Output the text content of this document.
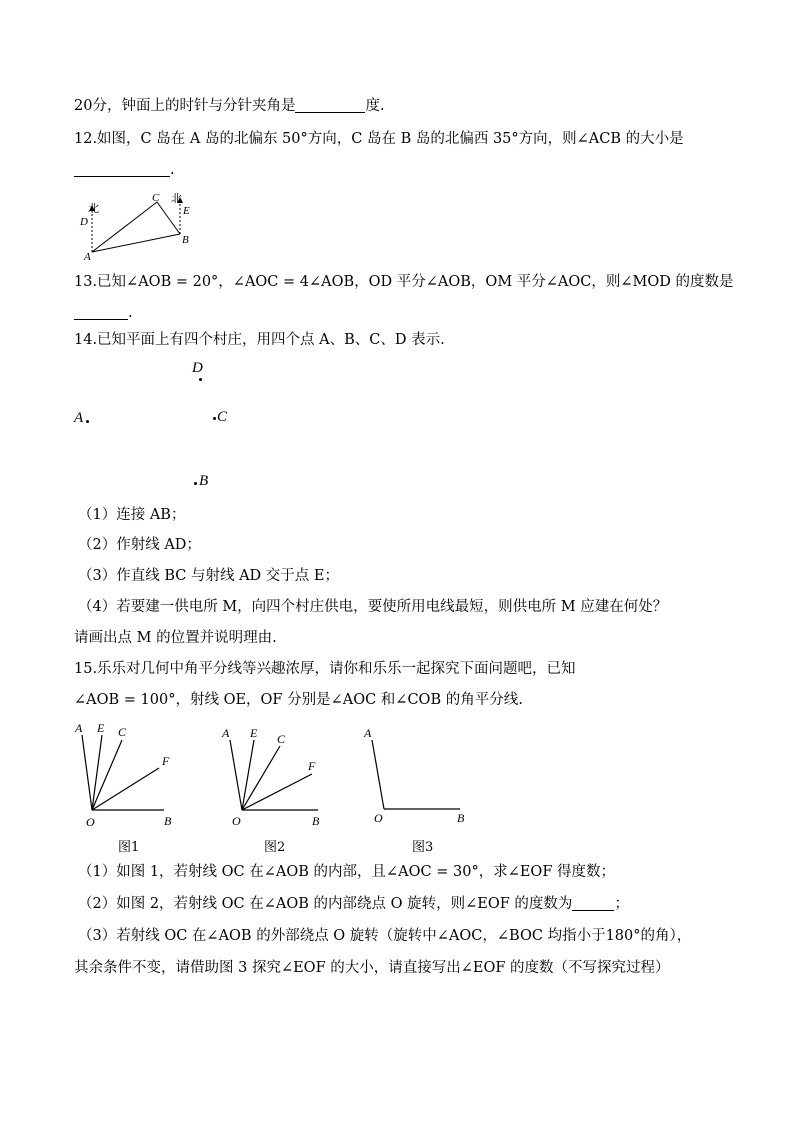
20分，钟面上的时针与分针夹角是	度.
12.如图，C 岛在 A 岛的北偏东 50°方向，C 岛在 B 岛的北偏西 35°方向，则∠ACB 的大小是
.
北
北
D
E
C
A
B
13.已知∠AOB = 20°，∠AOC = 4∠AOB，OD 平分∠AOB，OM 平分∠AOC，则∠MOD 的度数是
.
14.已知平面上有四个村庄，用四个点 A、B、C、D 表示.
D
A	C
B
（1）连接 AB；
（2）作射线 AD；
（3）作直线 BC 与射线 AD 交于点 E；
（4）若要建一供电所 M，向四个村庄供电，要使所用电线最短，则供电所 M 应建在何处？
请画出点 M 的位置并说明理由.
15.乐乐对几何中角平分线等兴趣浓厚，请你和乐乐一起探究下面问题吧，已知
∠AOB = 100°，射线 OE，OF 分别是∠AOC 和∠COB 的角平分线.
A E C
F
O	B
图1
A E C
F
O	B
图2
A
O	B
图3
（1）如图 1，若射线 OC 在∠AOB 的内部，且∠AOC = 30°，求∠EOF 得度数；
（2）如图 2，若射线 OC 在∠AOB 的内部绕点 O 旋转，则∠EOF 的度数为	；
（3）若射线 OC 在∠AOB 的外部绕点 O 旋转（旋转中∠AOC，∠BOC 均指小于180°的角），
其余条件不变，请借助图 3 探究∠EOF 的大小，请直接写出∠EOF 的度数（不写探究过程）
